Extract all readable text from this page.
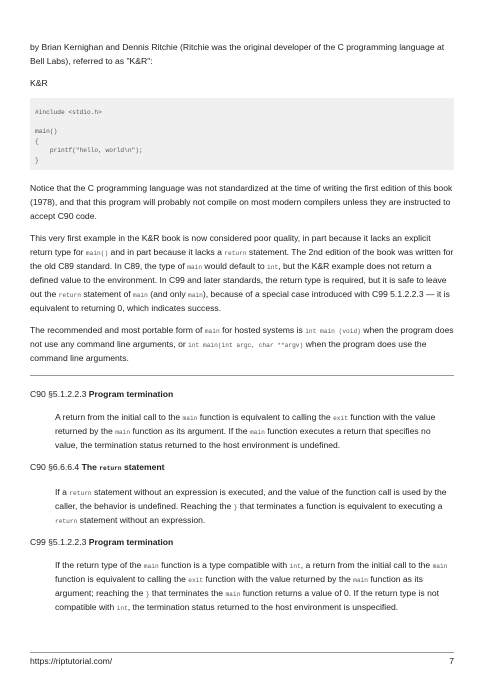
by Brian Kernighan and Dennis Ritchie (Ritchie was the original developer of the C programming language at Bell Labs), referred to as "K&R":

K&R

#include <stdio.h>
main()
{
printf("hello, world\n");
}

Notice that the C programming language was not standardized at the time of writing the first edition of this book (1978), and that this program will probably not compile on most modern compilers unless they are instructed to accept C90 code.

This very first example in the K&R book is now considered poor quality, in part because it lacks an explicit return type for main() and in part because it lacks a return statement. The 2nd edition of the book was written for the old C89 standard. In C89, the type of main would default to int, but the K&R example does not return a defined value to the environment. In C99 and later standards, the return type is required, but it is safe to leave out the return statement of main (and only main), because of a special case introduced with C99 5.1.2.2.3 — it is equivalent to returning 0, which indicates success.

The recommended and most portable form of main for hosted systems is int main (void) when the program does not use any command line arguments, or int main(int argc, char **argv) when the program does use the command line arguments.

C90 §5.1.2.2.3 Program termination

A return from the initial call to the main function is equivalent to calling the exit function with the value returned by the main function as its argument. If the main function executes a return that specifies no value, the termination status returned to the host environment is undefined.

C90 §6.6.6.4 The return statement

If a return statement without an expression is executed, and the value of the function call is used by the caller, the behavior is undefined. Reaching the } that terminates a function is equivalent to executing a return statement without an expression.

C99 §5.1.2.2.3 Program termination

If the return type of the main function is a type compatible with int, a return from the initial call to the main function is equivalent to calling the exit function with the value returned by the main function as its argument; reaching the } that terminates the main function returns a value of 0. If the return type is not compatible with int, the termination status returned to the host environment is unspecified.

https://riptutorial.com/	7
